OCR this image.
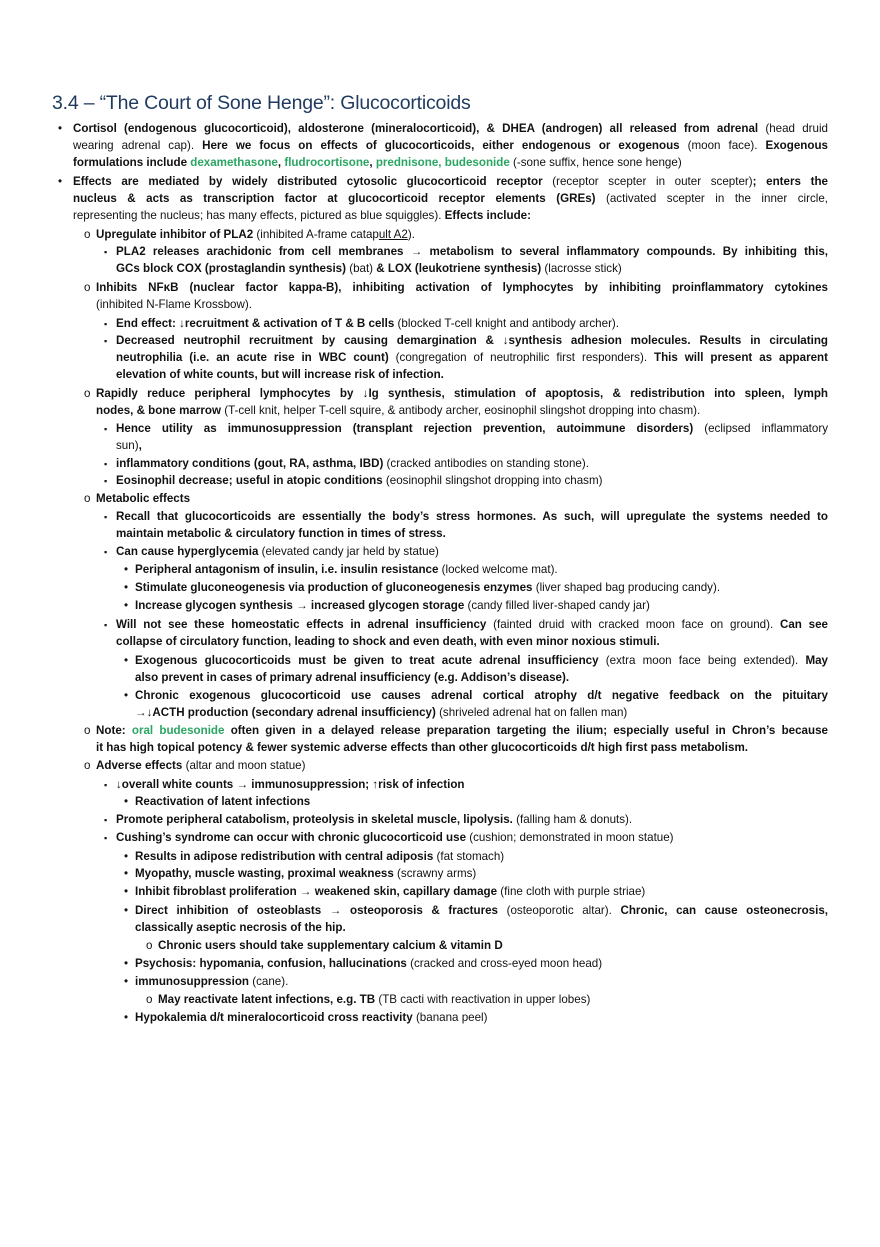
3.4 – “The Court of Sone Henge”: Glucocorticoids
• Cortisol (endogenous glucocorticoid), aldosterone (mineralocorticoid), & DHEA (androgen) all released from adrenal (head druid
wearing adrenal cap). Here we focus on effects of glucocorticoids, either endogenous or exogenous (moon face). Exogenous
formulations include dexamethasone, fludrocortisone, prednisone, budesonide (-sone suffix, hence sone henge)
• Effects are mediated by widely distributed cytosolic glucocorticoid receptor (receptor scepter in outer scepter); enters the
nucleus & acts as transcription factor at glucocorticoid receptor elements (GREs) (activated scepter in the inner circle,
representing the nucleus; has many effects, pictured as blue squiggles). Effects include:
o Upregulate inhibitor of PLA2 (inhibited A-frame catapult A2).
▪ PLA2 releases arachidonic from cell membranes → metabolism to several inflammatory compounds. By inhibiting this,
GCs block COX (prostaglandin synthesis) (bat) & LOX (leukotriene synthesis) (lacrosse stick)
o Inhibits NFκB (nuclear factor kappa-B), inhibiting activation of lymphocytes by inhibiting proinflammatory cytokines
(inhibited N-Flame Krossbow).
▪ End effect: ↓recruitment & activation of T & B cells (blocked T-cell knight and antibody archer).
▪ Decreased neutrophil recruitment by causing demargination & ↓synthesis adhesion molecules. Results in circulating
neutrophilia (i.e. an acute rise in WBC count) (congregation of neutrophilic first responders). This will present as apparent
elevation of white counts, but will increase risk of infection.
o Rapidly reduce peripheral lymphocytes by ↓Ig synthesis, stimulation of apoptosis, & redistribution into spleen, lymph
nodes, & bone marrow (T-cell knit, helper T-cell squire, & antibody archer, eosinophil slingshot dropping into chasm).
▪ Hence utility as immunosuppression (transplant rejection prevention, autoimmune disorders) (eclipsed inflammatory
sun),
▪ inflammatory conditions (gout, RA, asthma, IBD) (cracked antibodies on standing stone).
▪ Eosinophil decrease; useful in atopic conditions (eosinophil slingshot dropping into chasm)
o Metabolic effects
▪ Recall that glucocorticoids are essentially the body’s stress hormones. As such, will upregulate the systems needed to
maintain metabolic & circulatory function in times of stress.
▪ Can cause hyperglycemia (elevated candy jar held by statue)
• Peripheral antagonism of insulin, i.e. insulin resistance (locked welcome mat).
• Stimulate gluconeogenesis via production of gluconeogenesis enzymes (liver shaped bag producing candy).
• Increase glycogen synthesis → increased glycogen storage (candy filled liver-shaped candy jar)
▪ Will not see these homeostatic effects in adrenal insufficiency (fainted druid with cracked moon face on ground). Can see
collapse of circulatory function, leading to shock and even death, with even minor noxious stimuli.
• Exogenous glucocorticoids must be given to treat acute adrenal insufficiency (extra moon face being extended). May
also prevent in cases of primary adrenal insufficiency (e.g. Addison’s disease).
• Chronic exogenous glucocorticoid use causes adrenal cortical atrophy d/t negative feedback on the pituitary
→↓ACTH production (secondary adrenal insufficiency) (shriveled adrenal hat on fallen man)
o Note: oral budesonide often given in a delayed release preparation targeting the ilium; especially useful in Chron’s because
it has high topical potency & fewer systemic adverse effects than other glucocorticoids d/t high first pass metabolism.
o Adverse effects (altar and moon statue)
▪ ↓overall white counts → immunosuppression; ↑risk of infection
• Reactivation of latent infections
▪ Promote peripheral catabolism, proteolysis in skeletal muscle, lipolysis. (falling ham & donuts).
▪ Cushing’s syndrome can occur with chronic glucocorticoid use (cushion; demonstrated in moon statue)
• Results in adipose redistribution with central adiposis (fat stomach)
• Myopathy, muscle wasting, proximal weakness (scrawny arms)
• Inhibit fibroblast proliferation → weakened skin, capillary damage (fine cloth with purple striae)
• Direct inhibition of osteoblasts → osteoporosis & fractures (osteoporotic altar). Chronic, can cause osteonecrosis,
classically aseptic necrosis of the hip.
o Chronic users should take supplementary calcium & vitamin D
• Psychosis: hypomania, confusion, hallucinations (cracked and cross-eyed moon head)
• immunosuppression (cane).
o May reactivate latent infections, e.g. TB (TB cacti with reactivation in upper lobes)
• Hypokalemia d/t mineralocorticoid cross reactivity (banana peel)
